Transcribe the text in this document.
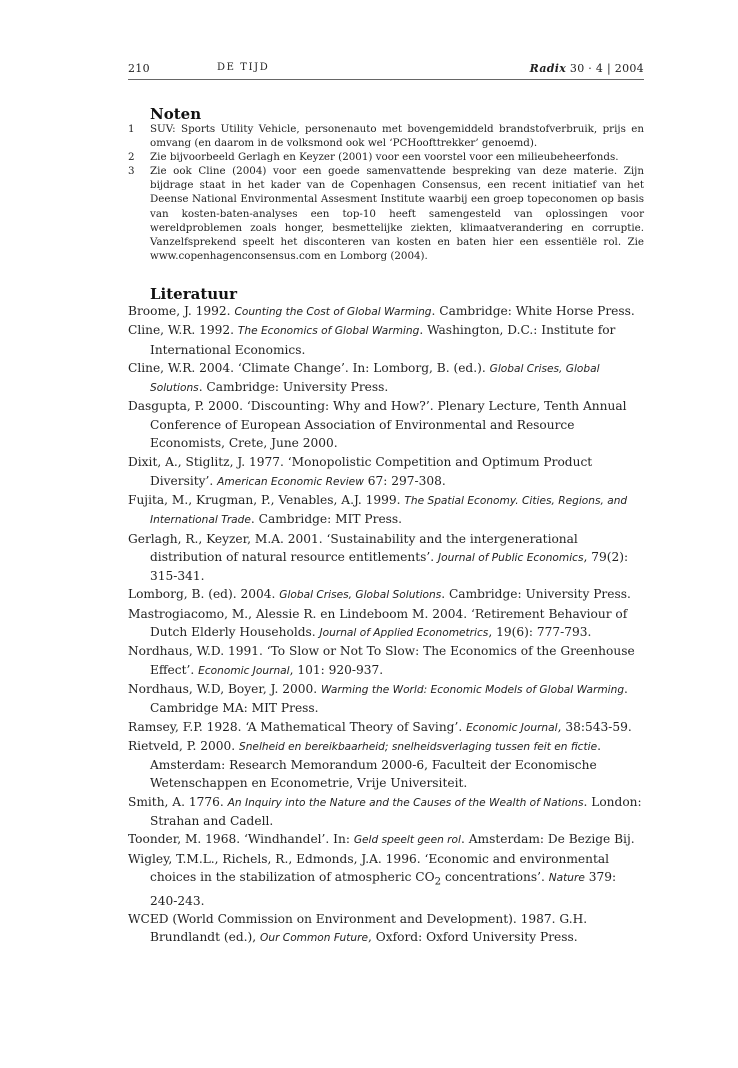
210	DE TIJD	Radix 30 · 4 | 2004
Noten
1 SUV: Sports Utility Vehicle, personenauto met bovengemiddeld brandstofverbruik, prijs en omvang (en daarom in de volksmond ook wel ‘PCHoofttrekker’ genoemd).
2 Zie bijvoorbeeld Gerlagh en Keyzer (2001) voor een voorstel voor een milieubeheerfonds.
3 Zie ook Cline (2004) voor een goede samenvattende bespreking van deze materie. Zijn bijdrage staat in het kader van de Copenhagen Consensus, een recent initiatief van het Deense National Environmental Assesment Institute waarbij een groep topeconomen op basis van kosten-baten-analyses een top-10 heeft samengesteld van oplossingen voor wereldproblemen zoals honger, besmettelijke ziekten, klimaatverandering en corruptie. Vanzelfsprekend speelt het disconteren van kosten en baten hier een essentiële rol. Zie www.copenhagenconsensus.com en Lomborg (2004).
Literatuur

Broome, J. 1992. Counting the Cost of Global Warming. Cambridge: White Horse Press.

Cline, W.R. 1992. The Economics of Global Warming. Washington, D.C.: Institute for International Economics.

Cline, W.R. 2004. ‘Climate Change’. In: Lomborg, B. (ed.). Global Crises, Global Solutions. Cambridge: University Press.

Dasgupta, P. 2000. ‘Discounting: Why and How?’. Plenary Lecture, Tenth Annual Conference of European Association of Environmental and Resource Economists, Crete, June 2000.

Dixit, A., Stiglitz, J. 1977. ‘Monopolistic Competition and Optimum Product Diversity’. American Economic Review 67: 297-308.

Fujita, M., Krugman, P., Venables, A.J. 1999. The Spatial Economy. Cities, Regions, and International Trade. Cambridge: MIT Press.

Gerlagh, R., Keyzer, M.A. 2001. ‘Sustainability and the intergenerational distribution of natural resource entitlements’. Journal of Public Economics, 79(2): 315-341.

Lomborg, B. (ed). 2004. Global Crises, Global Solutions. Cambridge: University Press.

Mastrogiacomo, M., Alessie R. en Lindeboom M. 2004. ‘Retirement Behaviour of Dutch Elderly Households. Journal of Applied Econometrics, 19(6): 777-793.

Nordhaus, W.D. 1991. ‘To Slow or Not To Slow: The Economics of the Greenhouse Effect’. Economic Journal, 101: 920-937.

Nordhaus, W.D, Boyer, J. 2000. Warming the World: Economic Models of Global Warming. Cambridge MA: MIT Press.

Ramsey, F.P. 1928. ‘A Mathematical Theory of Saving’. Economic Journal, 38:543-59.

Rietveld, P. 2000. Snelheid en bereikbaarheid; snelheidsverlaging tussen feit en fictie. Amsterdam: Research Memorandum 2000-6, Faculteit der Economische Wetenschappen en Econometrie, Vrije Universiteit.

Smith, A. 1776. An Inquiry into the Nature and the Causes of the Wealth of Nations. London: Strahan and Cadell.

Toonder, M. 1968. ‘Windhandel’. In: Geld speelt geen rol. Amsterdam: De Bezige Bij.

Wigley, T.M.L., Richels, R., Edmonds, J.A. 1996. ‘Economic and environmental choices in the stabilization of atmospheric $CO_2$ concentrations’. Nature 379: 240-243.

WCED (World Commission on Environment and Development). 1987. G.H. Brundlandt (ed.), Our Common Future, Oxford: Oxford University Press.
